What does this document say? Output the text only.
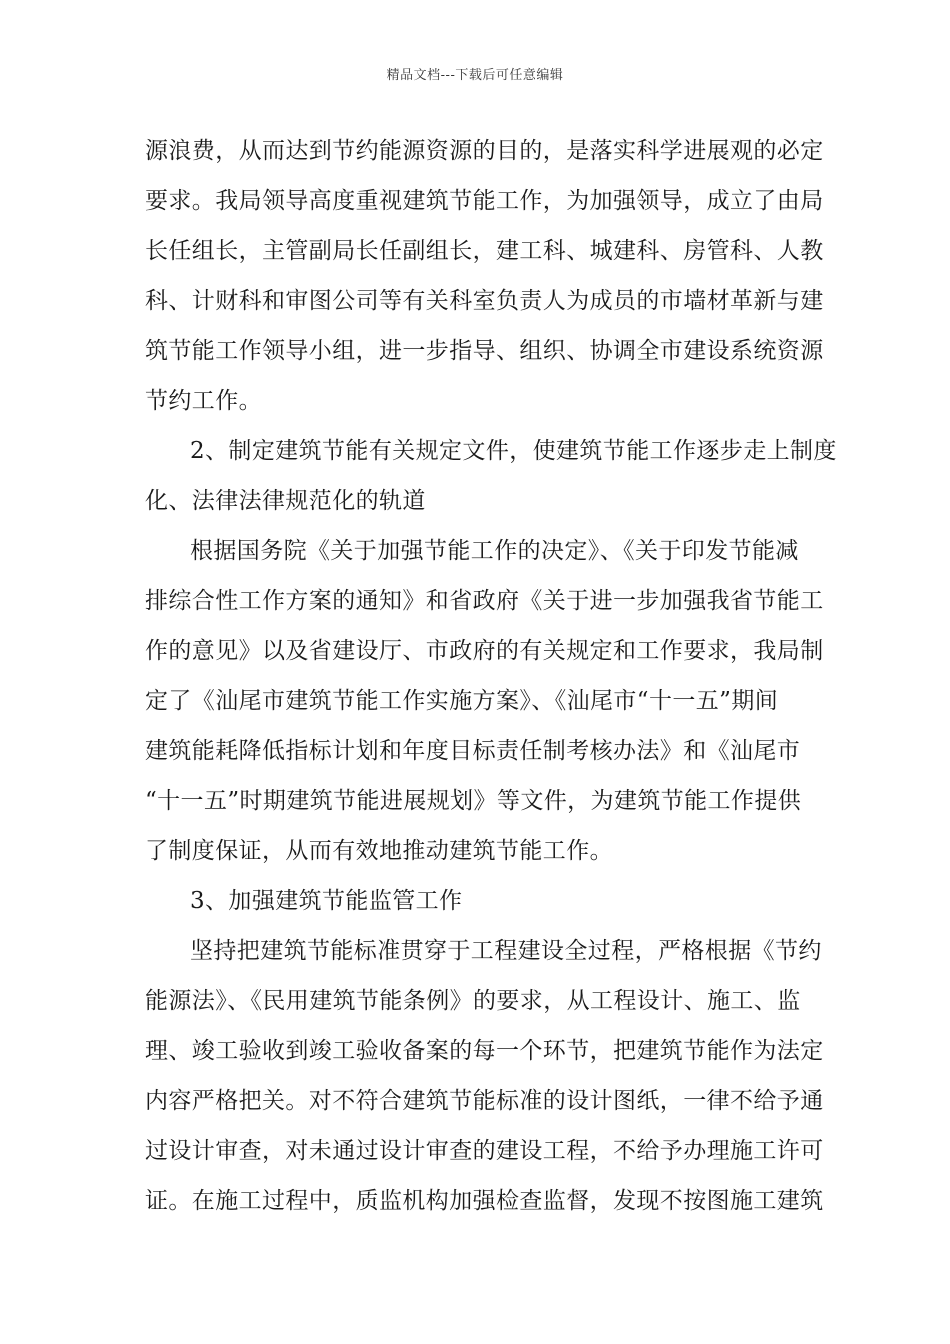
精品文档---下载后可任意编辑
源浪费，从而达到节约能源资源的目的，是落实科学进展观的必定
要求。我局领导高度重视建筑节能工作，为加强领导，成立了由局
长任组长，主管副局长任副组长，建工科、城建科、房管科、人教
科、计财科和审图公司等有关科室负责人为成员的市墙材革新与建
筑节能工作领导小组，进一步指导、组织、协调全市建设系统资源
节约工作。
2、制定建筑节能有关规定文件，使建筑节能工作逐步走上制度
化、法律法律规范化的轨道
根据国务院《关于加强节能工作的决定》、《关于印发节能减
排综合性工作方案的通知》和省政府《关于进一步加强我省节能工
作的意见》以及省建设厅、市政府的有关规定和工作要求，我局制
定了《汕尾市建筑节能工作实施方案》、《汕尾市“十一五”期间
建筑能耗降低指标计划和年度目标责任制考核办法》和《汕尾市
“十一五”时期建筑节能进展规划》等文件，为建筑节能工作提供
了制度保证，从而有效地推动建筑节能工作。
3、加强建筑节能监管工作
坚持把建筑节能标准贯穿于工程建设全过程，严格根据《节约
能源法》、《民用建筑节能条例》的要求，从工程设计、施工、监
理、竣工验收到竣工验收备案的每一个环节，把建筑节能作为法定
内容严格把关。对不符合建筑节能标准的设计图纸，一律不给予通
过设计审查，对未通过设计审查的建设工程，不给予办理施工许可
证。在施工过程中，质监机构加强检查监督，发现不按图施工建筑
